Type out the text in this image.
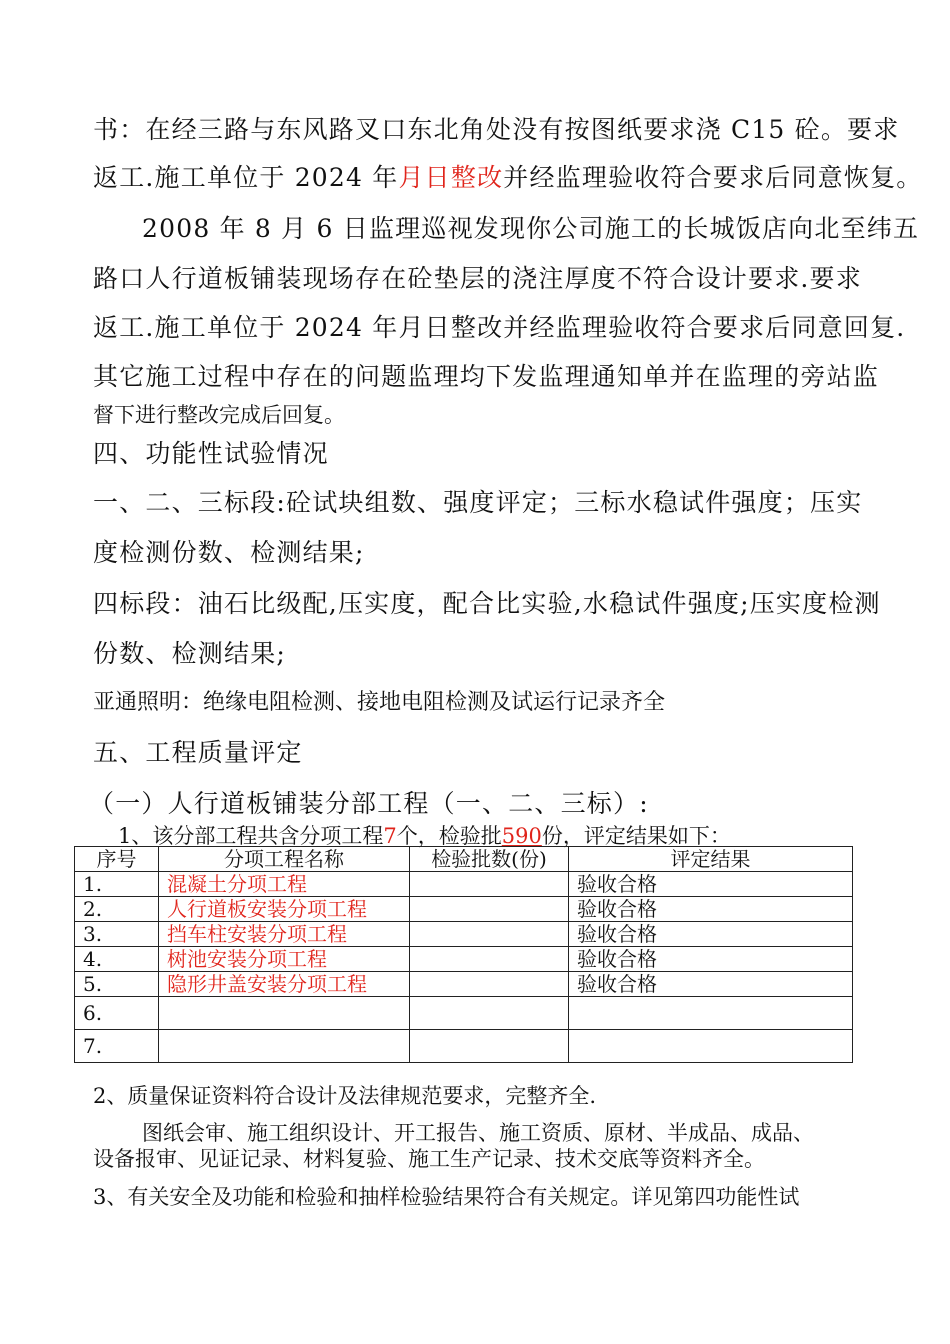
书：在经三路与东风路叉口东北角处没有按图纸要求浇 C15 砼。要求
返工.施工单位于 2024 年月日整改并经监理验收符合要求后同意恢复。
2008 年 8 月 6 日监理巡视发现你公司施工的长城饭店向北至纬五
路口人行道板铺装现场存在砼垫层的浇注厚度不符合设计要求.要求
返工.施工单位于 2024 年月日整改并经监理验收符合要求后同意回复.
其它施工过程中存在的问题监理均下发监理通知单并在监理的旁站监
督下进行整改完成后回复。
四、功能性试验情况
一、二、三标段:砼试块组数、强度评定；三标水稳试件强度；压实
度检测份数、检测结果;
四标段：油石比级配,压实度，配合比实验,水稳试件强度;压实度检测
份数、检测结果;
亚通照明：绝缘电阻检测、接地电阻检测及试运行记录齐全
五、工程质量评定
（一）人行道板铺装分部工程（一、二、三标）:
1、该分部工程共含分项工程7个，检验批590份，评定结果如下：
序号	分项工程名称	检验批数(份)	评定结果
1.	混凝土分项工程		验收合格
2.	人行道板安装分项工程		验收合格
3.	挡车柱安装分项工程		验收合格
4.	树池安装分项工程		验收合格
5.	隐形井盖安装分项工程		验收合格
6.			
7.			
2、质量保证资料符合设计及法律规范要求，完整齐全.
图纸会审、施工组织设计、开工报告、施工资质、原材、半成品、成品、
设备报审、见证记录、材料复验、施工生产记录、技术交底等资料齐全。
3、有关安全及功能和检验和抽样检验结果符合有关规定。详见第四功能性试
